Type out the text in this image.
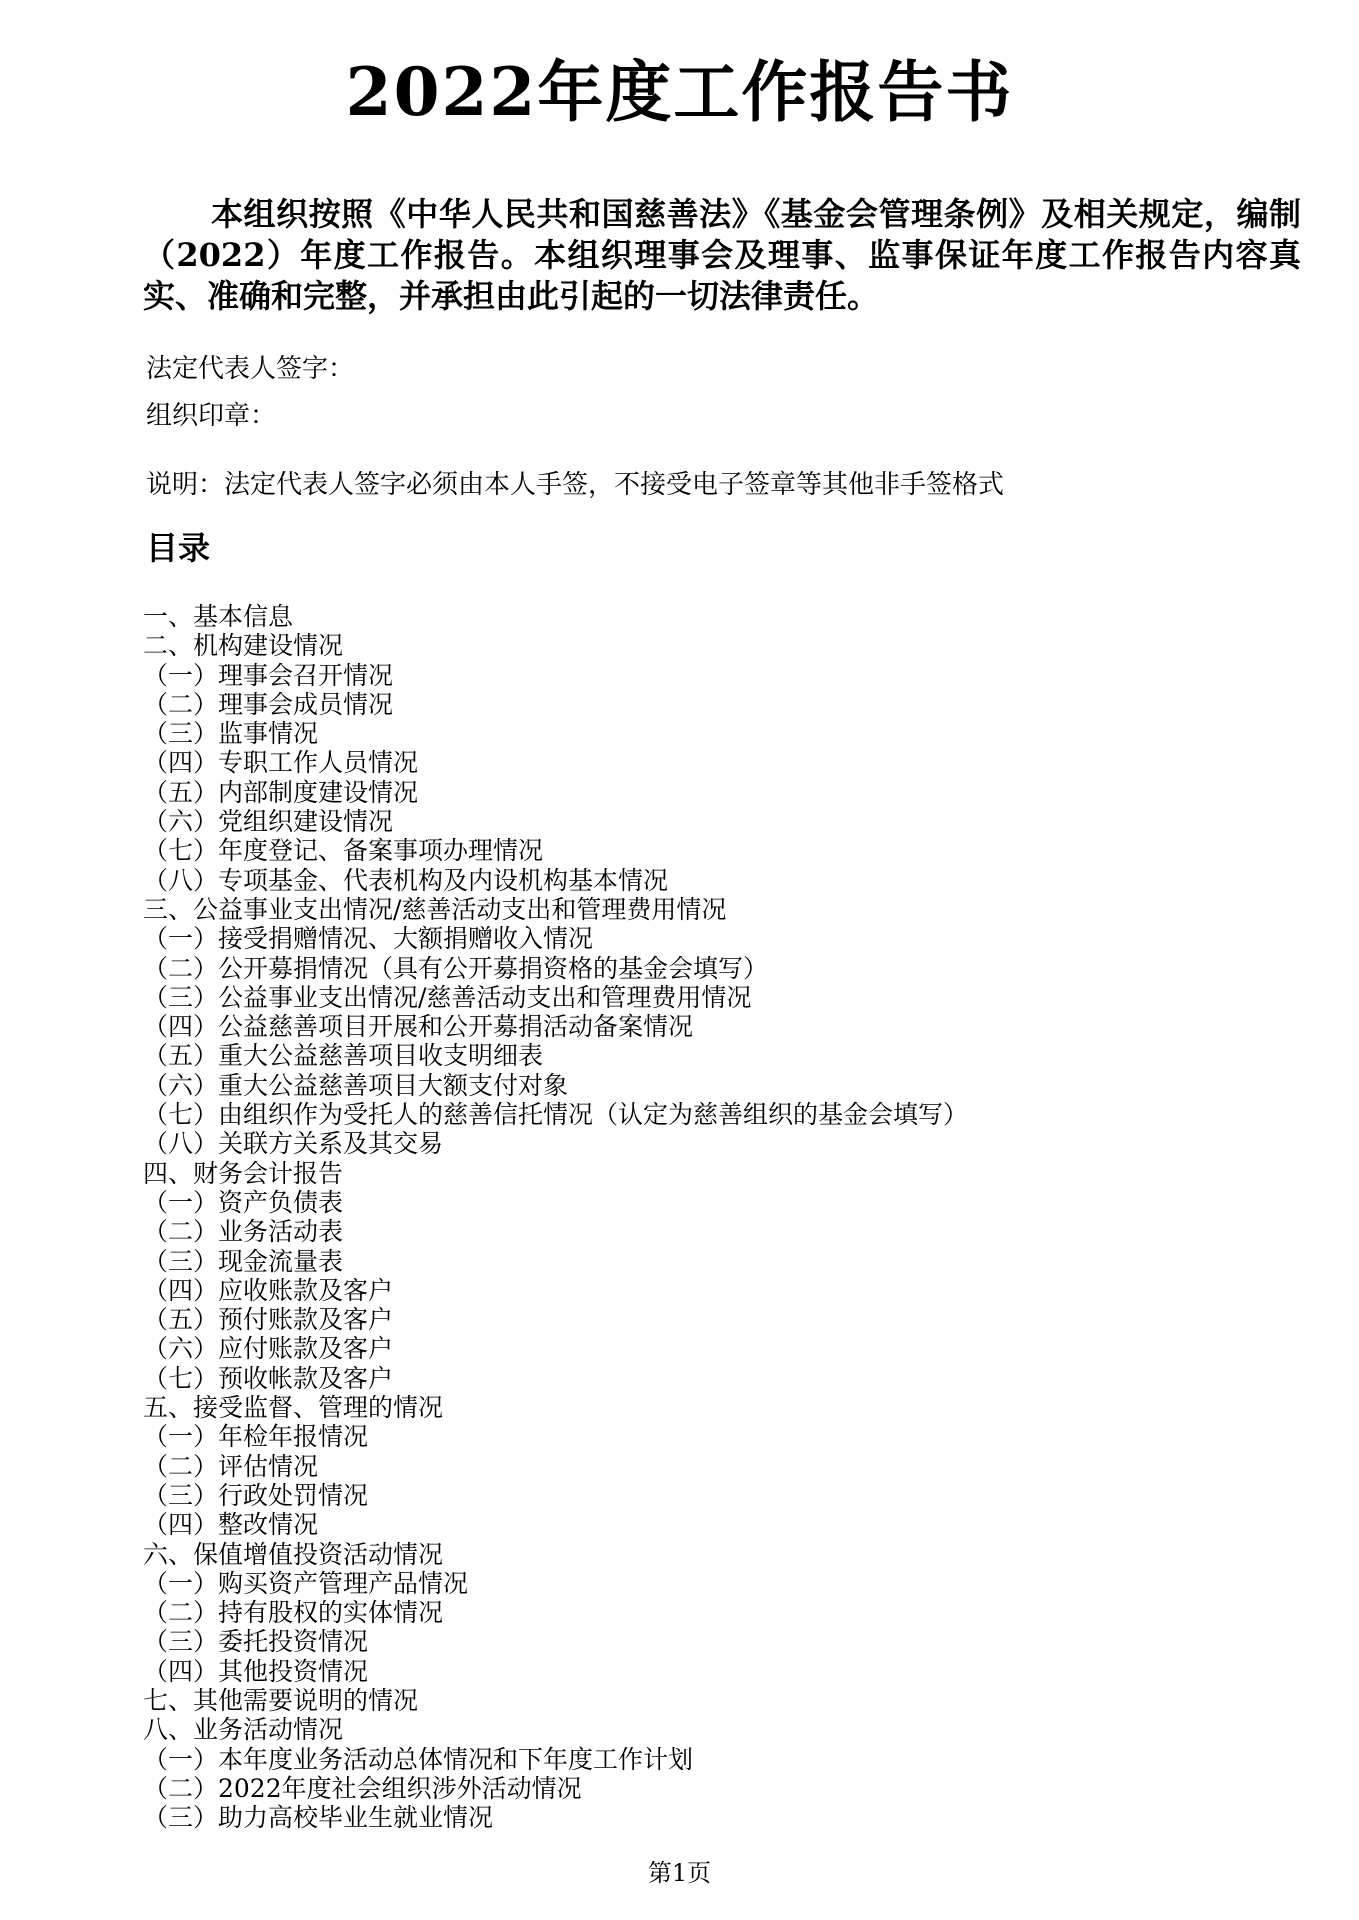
2022年度工作报告书
本组织按照《中华人民共和国慈善法》《基金会管理条例》及相关规定，编制（2022）年度工作报告。本组织理事会及理事、监事保证年度工作报告内容真实、准确和完整，并承担由此引起的一切法律责任。
法定代表人签字：
组织印章：
说明：法定代表人签字必须由本人手签，不接受电子签章等其他非手签格式
目录
一、基本信息
二、机构建设情况
（一）理事会召开情况
（二）理事会成员情况
（三）监事情况
（四）专职工作人员情况
（五）内部制度建设情况
（六）党组织建设情况
（七）年度登记、备案事项办理情况
（八）专项基金、代表机构及内设机构基本情况
三、公益事业支出情况/慈善活动支出和管理费用情况
（一）接受捐赠情况、大额捐赠收入情况
（二）公开募捐情况（具有公开募捐资格的基金会填写）
（三）公益事业支出情况/慈善活动支出和管理费用情况
（四）公益慈善项目开展和公开募捐活动备案情况
（五）重大公益慈善项目收支明细表
（六）重大公益慈善项目大额支付对象
（七）由组织作为受托人的慈善信托情况（认定为慈善组织的基金会填写）
（八）关联方关系及其交易
四、财务会计报告
（一）资产负债表
（二）业务活动表
（三）现金流量表
（四）应收账款及客户
（五）预付账款及客户
（六）应付账款及客户
（七）预收帐款及客户
五、接受监督、管理的情况
（一）年检年报情况
（二）评估情况
（三）行政处罚情况
（四）整改情况
六、保值增值投资活动情况
（一）购买资产管理产品情况
（二）持有股权的实体情况
（三）委托投资情况
（四）其他投资情况
七、其他需要说明的情况
八、业务活动情况
（一）本年度业务活动总体情况和下年度工作计划
（二）2022年度社会组织涉外活动情况
（三）助力高校毕业生就业情况
第1页
